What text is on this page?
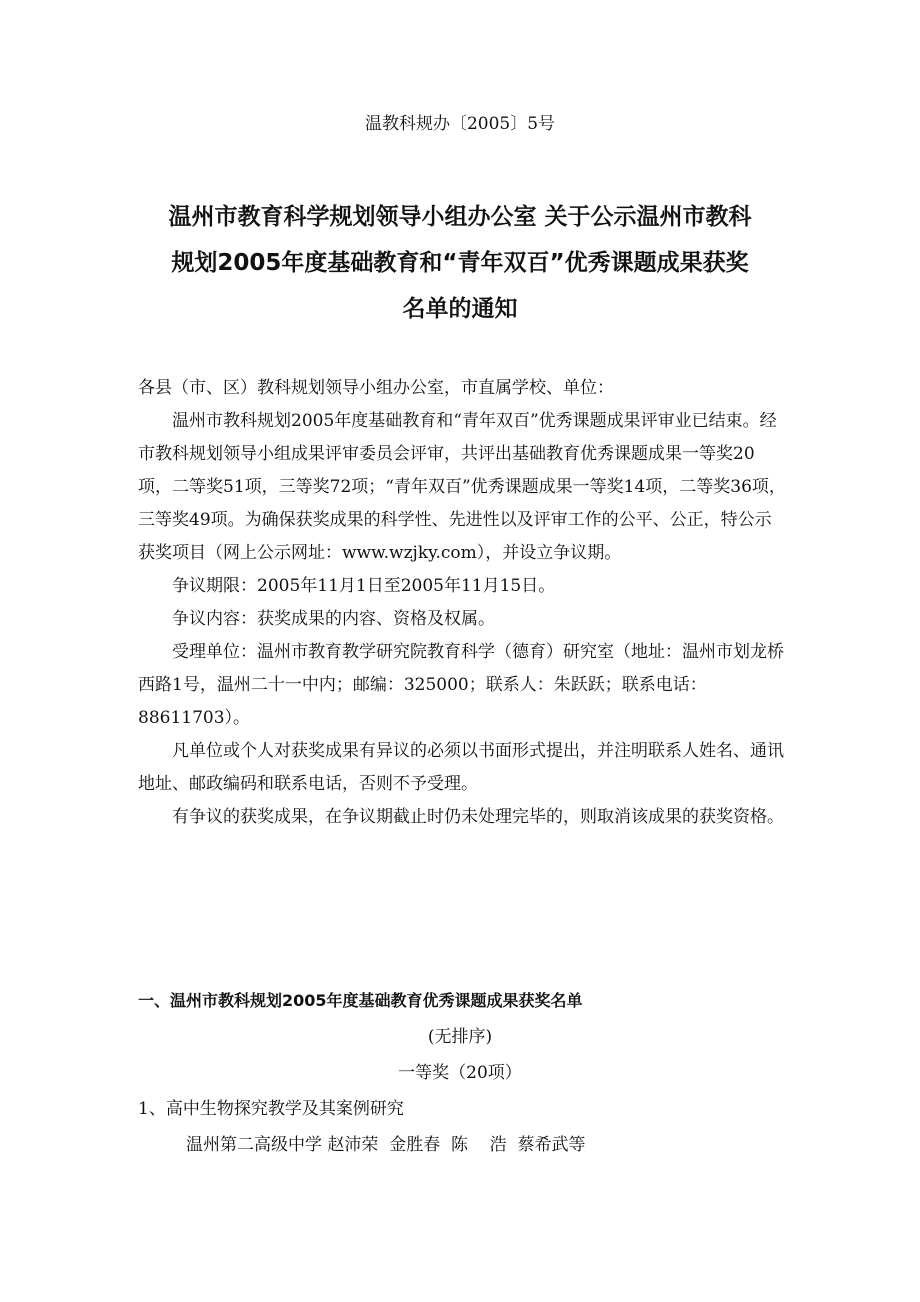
温教科规办〔2005〕5号
温州市教育科学规划领导小组办公室 关于公示温州市教科
规划2005年度基础教育和“青年双百”优秀课题成果获奖
名单的通知

各县（市、区）教科规划领导小组办公室，市直属学校、单位：

温州市教科规划2005年度基础教育和“青年双百”优秀课题成果评审业已结束。经市教科规划领导小组成果评审委员会评审，共评出基础教育优秀课题成果一等奖20项，二等奖51项，三等奖72项；“青年双百”优秀课题成果一等奖14项，二等奖36项，三等奖49项。为确保获奖成果的科学性、先进性以及评审工作的公平、公正，特公示获奖项目（网上公示网址：www.wzjky.com），并设立争议期。

争议期限：2005年11月1日至2005年11月15日。

争议内容：获奖成果的内容、资格及权属。

受理单位：温州市教育教学研究院教育科学（德育）研究室（地址：温州市划龙桥西路1号，温州二十一中内；邮编：325000；联系人：朱跃跃；联系电话：88611703）。

凡单位或个人对获奖成果有异议的必须以书面形式提出，并注明联系人姓名、通讯地址、邮政编码和联系电话，否则不予受理。

有争议的获奖成果，在争议期截止时仍未处理完毕的，则取消该成果的获奖资格。

一、温州市教科规划2005年度基础教育优秀课题成果获奖名单
(无排序)
一等奖（20项）
1、高中生物探究教学及其案例研究
温州第二高级中学 赵沛荣  金胜春  陈    浩  蔡希武等
